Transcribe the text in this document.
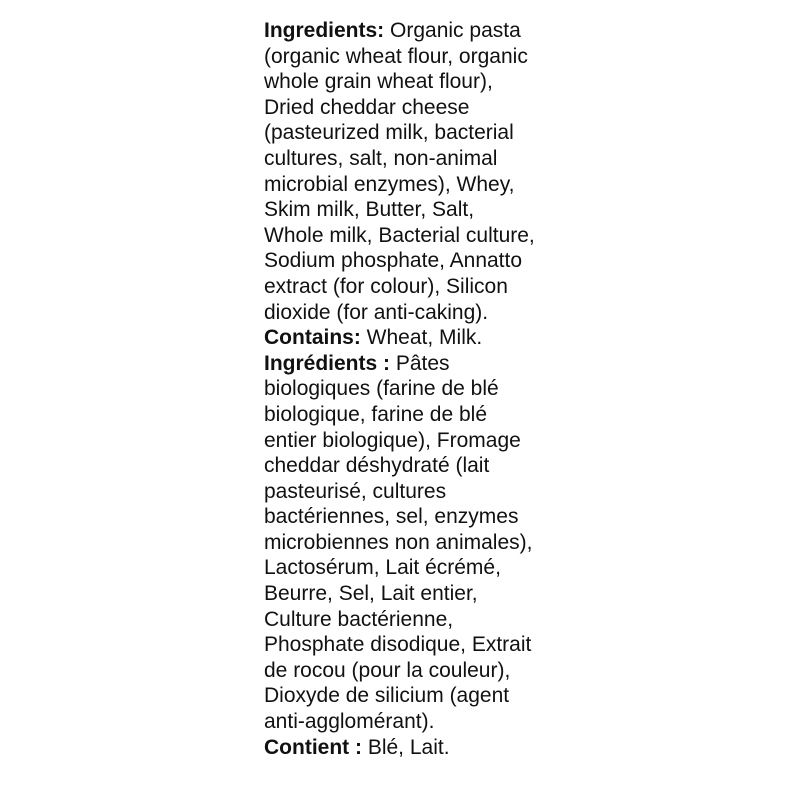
Ingredients: Organic pasta
(organic wheat flour, organic
whole grain wheat flour),
Dried cheddar cheese
(pasteurized milk, bacterial
cultures, salt, non-animal
microbial enzymes), Whey,
Skim milk, Butter, Salt,
Whole milk, Bacterial culture,
Sodium phosphate, Annatto
extract (for colour), Silicon
dioxide (for anti-caking).
Contains: Wheat, Milk.
Ingrédients : Pâtes
biologiques (farine de blé
biologique, farine de blé
entier biologique), Fromage
cheddar déshydraté (lait
pasteurisé, cultures
bactériennes, sel, enzymes
microbiennes non animales),
Lactosérum, Lait écrémé,
Beurre, Sel, Lait entier,
Culture bactérienne,
Phosphate disodique, Extrait
de rocou (pour la couleur),
Dioxyde de silicium (agent
anti-agglomérant).
Contient : Blé, Lait.
